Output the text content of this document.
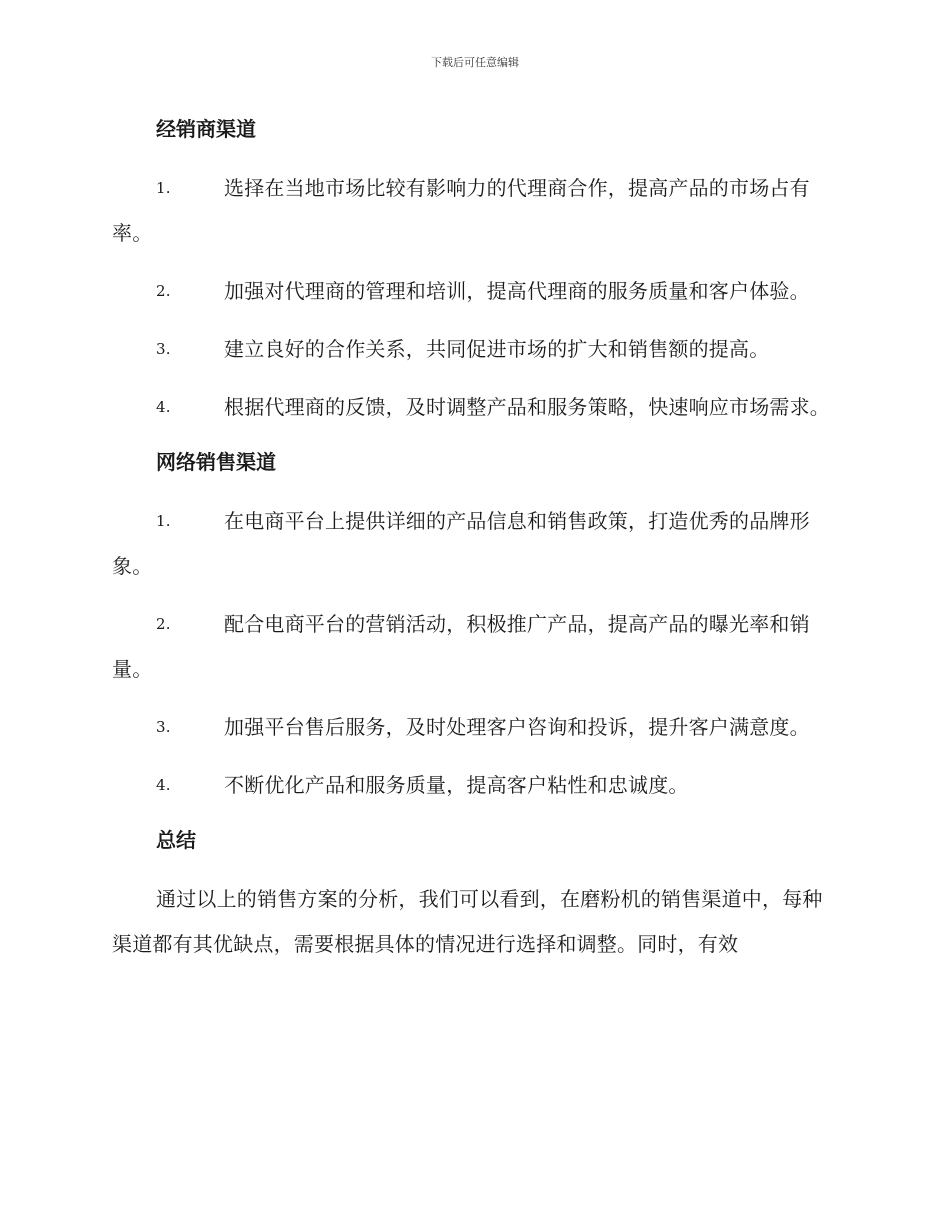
下载后可任意编辑
经销商渠道
1.	选择在当地市场比较有影响力的代理商合作，提高产品的市场占有率。
2.	加强对代理商的管理和培训，提高代理商的服务质量和客户体验。
3.	建立良好的合作关系，共同促进市场的扩大和销售额的提高。
4.	根据代理商的反馈，及时调整产品和服务策略，快速响应市场需求。
网络销售渠道
1.	在电商平台上提供详细的产品信息和销售政策，打造优秀的品牌形象。
2.	配合电商平台的营销活动，积极推广产品，提高产品的曝光率和销量。
3.	加强平台售后服务，及时处理客户咨询和投诉，提升客户满意度。
4.	不断优化产品和服务质量，提高客户粘性和忠诚度。
总结

通过以上的销售方案的分析，我们可以看到，在磨粉机的销售渠道中，每种渠道都有其优缺点，需要根据具体的情况进行选择和调整。同时，有效
